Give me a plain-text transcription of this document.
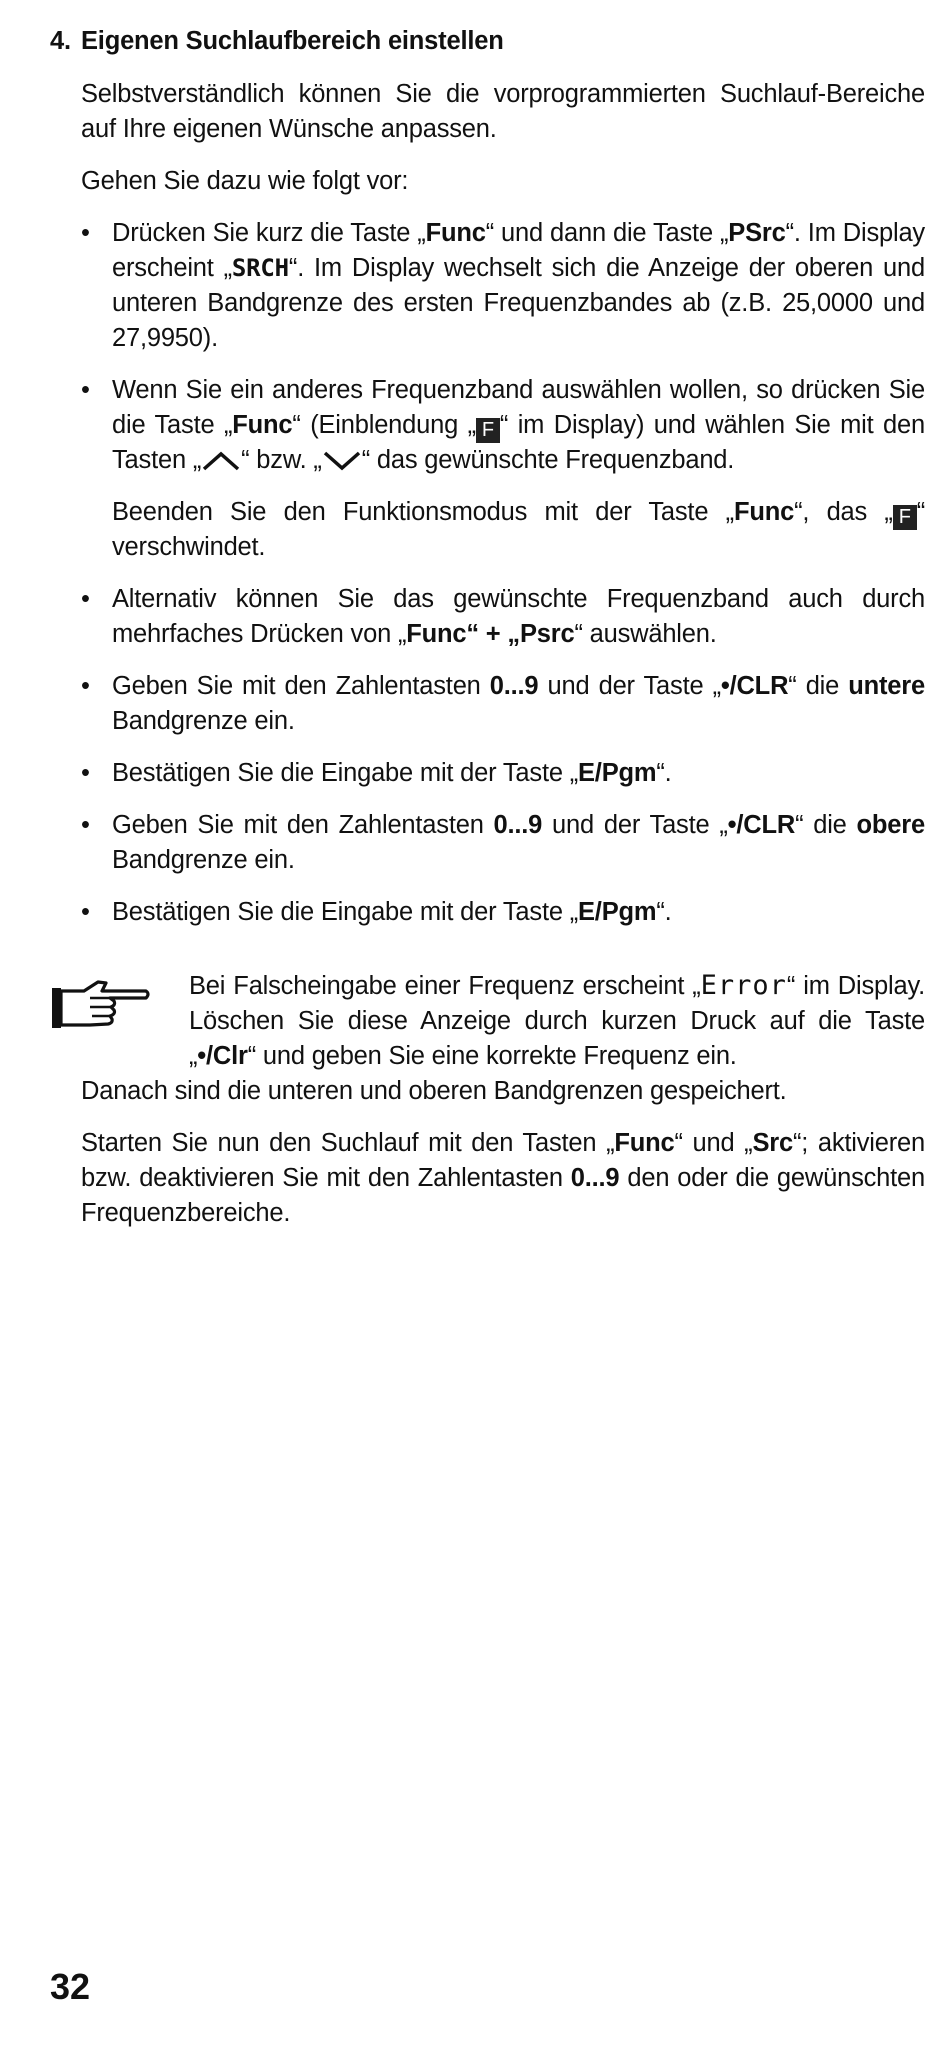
4. Eigenen Suchlaufbereich einstellen

Selbstverständlich können Sie die vorprogrammierten Suchlauf-Bereiche auf Ihre eigenen Wünsche anpassen.

Gehen Sie dazu wie folgt vor:

• Drücken Sie kurz die Taste „Func“ und dann die Taste „PSrc“. Im Display erscheint „SRCH“. Im Display wechselt sich die Anzeige der oberen und unteren Bandgrenze des ersten Frequenzbandes ab (z.B. 25,0000 und 27,9950).
• Wenn Sie ein anderes Frequenzband auswählen wollen, so drücken Sie die Taste „Func“ (Einblendung „ F “ im Display) und wählen Sie mit den Tasten „ “ bzw. „ “ das gewünschte Frequenzband.

Beenden Sie den Funktionsmodus mit der Taste „Func“, das „ F “ verschwindet.

• Alternativ können Sie das gewünschte Frequenzband auch durch mehrfaches Drücken von „Func“ + „Psrc“ auswählen.
• Geben Sie mit den Zahlentasten 0...9 und der Taste „•/CLR“ die untere Bandgrenze ein.
• Bestätigen Sie die Eingabe mit der Taste „E/Pgm“.
• Geben Sie mit den Zahlentasten 0...9 und der Taste „•/CLR“ die obere Bandgrenze ein.
• Bestätigen Sie die Eingabe mit der Taste „E/Pgm“.
Bei Falscheingabe einer Frequenz erscheint „Error“ im Display. Löschen Sie diese Anzeige durch kurzen Druck auf die Taste „•/Clr“ und geben Sie eine korrekte Frequenz ein.

Danach sind die unteren und oberen Bandgrenzen gespeichert.

Starten Sie nun den Suchlauf mit den Tasten „Func“ und „Src“; aktivieren bzw. deaktivieren Sie mit den Zahlentasten 0...9 den oder die gewünschten Frequenzbereiche.

32
